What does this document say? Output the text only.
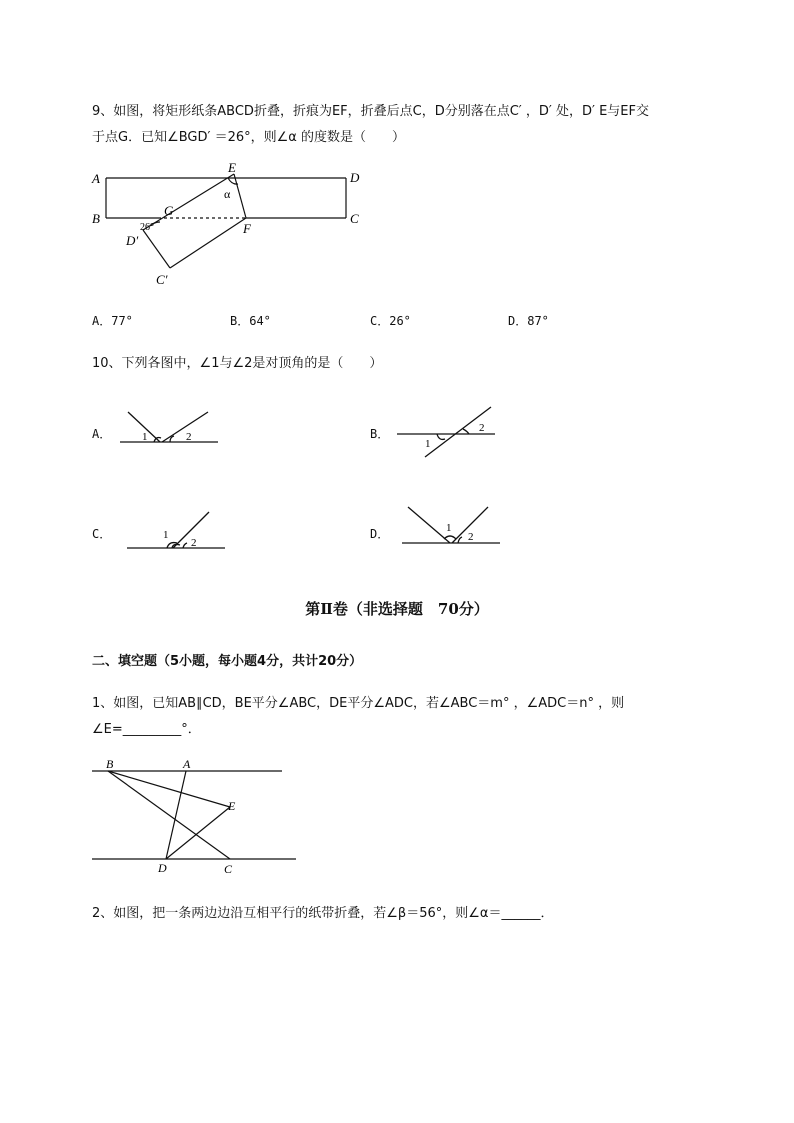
9、如图，将矩形纸条ABCD折叠，折痕为EF，折叠后点C，D分别落在点C′ ，D′ 处，D′ E与EF交
于点G．已知∠BGD′ ＝26°，则∠α 的度数是（　　）
A
B	C
D
E
F
G
C′
D′
α
26°
A．77°	B．64°	C．26°	D．87°
10、下列各图中，∠1与∠2是对顶角的是（　　）
A．	1	2	B．
1
2
C．	1
2
D．	1
2
第Ⅱ卷（非选择题　70分）
二、填空题（5小题，每小题4分，共计20分）
1、如图，已知AB∥CD，BE平分∠ABC，DE平分∠ADC，若∠ABC＝m° ，∠ADC＝n° ，则
∠E=_________°．
B	A
E
D	C
2、如图，把一条两边边沿互相平行的纸带折叠，若∠β＝56°，则∠α＝______．
